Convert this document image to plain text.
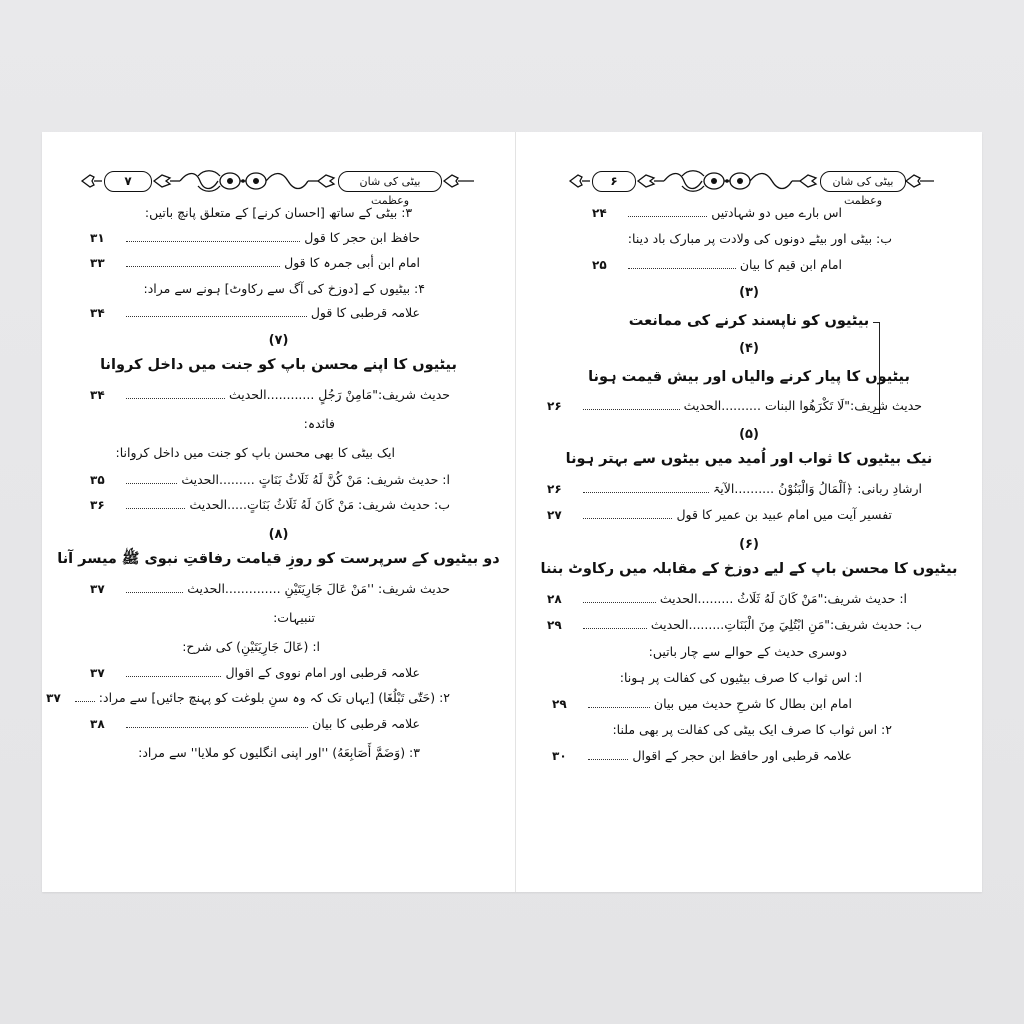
۷	بیٹی کی شان وعظمت
۳: بیٹی کے ساتھ [احسان کرنے] کے متعلق پانچ باتیں:
حافظ ابن حجر کا قول
۳۱
امام ابن أبی جمرہ کا قول
۳۳
۴: بیٹیوں کے [دوزخ کی آگ سے رکاوٹ] ہونے سے مراد:
علامہ قرطبی کا قول
۳۴
(۷)
بیٹیوں کا اپنے محسن باپ کو جنت میں داخل کروانا
حدیث شریف:"مَامِنْ رَجُلٍ ............الحدیث
۳۴
فائدہ:
ایک بیٹی کا بھی محسن باپ کو جنت میں داخل کروانا:
ا: حدیث شریف: مَنْ كُنَّ لَهُ ثَلَاثُ بَنَاتٍ .........الحدیث
۳۵
ب: حدیث شریف: مَنْ كَانَ لَهُ ثَلَاثُ بَنَاتٍ.....الحدیث
۳۶
(۸)
دو بیٹیوں کے سرپرست کو روزِ قیامت رفاقتِ نبوی ﷺ میسر آنا
حدیث شریف: ''مَنْ عَالَ جَارِيَتَيْنِ ..............الحدیث
۳۷
تنبیہات:
ا: (عَالَ جَارِيَتَيْنِ) کی شرح:
علامہ قرطبی اور امام نووی کے اقوال
۳۷
۲: (حَتّٰى تَبْلُغَا) [یہاں تک کہ وہ سنِ بلوغت کو پہنچ جائیں] سے مراد:
۳۷
علامہ قرطبی کا بیان
۳۸
۳: (وَضَمَّ أَصَابِعَهُ) ''اور اپنی انگلیوں کو ملایا'' سے مراد:
۶	بیٹی کی شان وعظمت
اس بارے میں دو شہادتیں
۲۴
ب: بیٹی اور بیٹے دونوں کی ولادت پر مبارک باد دینا:
امام ابن قیم کا بیان
۲۵
(۳)
بیٹیوں کو ناپسند کرنے کی ممانعت
(۴)
بیٹیوں کا پیار کرنے والیاں اور بیش قیمت ہونا
حدیث شریف:"لَا تَكْرَهُوا البنات ..........الحدیث
۲۶
(۵)
نیک بیٹیوں کا ثواب اور اُمید میں بیٹوں سے بہتر ہونا
ارشادِ ربانی: ﴿اَلْمَالُ وَالْبَنُوْنُ ..........الآیۃ
۲۶
تفسیر آیت میں امام عبید بن عمیر کا قول
۲۷
(۶)
بیٹیوں کا محسن باپ کے لیے دوزخ کے مقابلہ میں رکاوٹ بننا
ا: حدیث شریف:"مَنْ كَانَ لَهُ ثَلَاثُ .........الحدیث
۲۸
ب: حدیث شریف:"مَنِ ابْتُلِيَ مِنَ الْبَنَاتِ.........الحدیث
۲۹
دوسری حدیث کے حوالے سے چار باتیں:
ا: اس ثواب کا صرف بیٹیوں کی کفالت پر ہونا:
امام ابن بطال کا شرحِ حدیث میں بیان
۲۹
۲: اس ثواب کا صرف ایک بیٹی کی کفالت پر بھی ملنا:
علامہ قرطبی اور حافظ ابن حجر کے اقوال
۳۰
